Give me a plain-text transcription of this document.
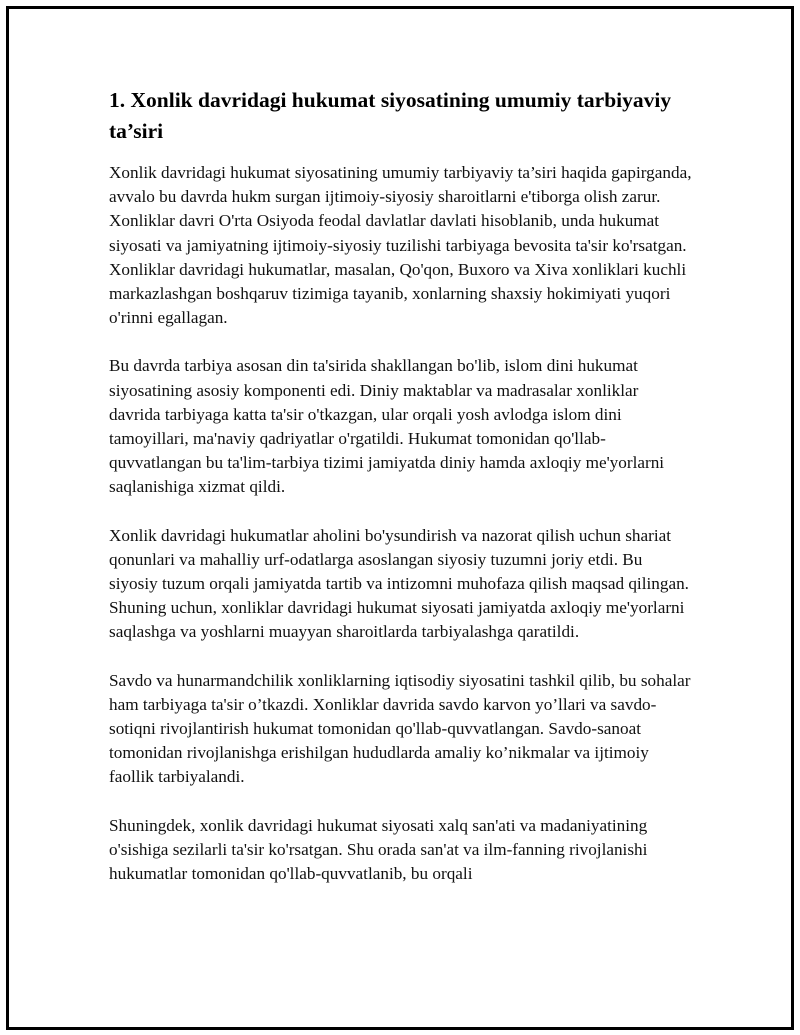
1. Xonlik davridagi hukumat siyosatining umumiy tarbiyaviy ta’siri

Xonlik davridagi hukumat siyosatining umumiy tarbiyaviy ta’siri haqida gapirganda, avvalo bu davrda hukm surgan ijtimoiy-siyosiy sharoitlarni e'tiborga olish zarur. Xonliklar davri O'rta Osiyoda feodal davlatlar davlati hisoblanib, unda hukumat siyosati va jamiyatning ijtimoiy-siyosiy tuzilishi tarbiyaga bevosita ta'sir ko'rsatgan. Xonliklar davridagi hukumatlar, masalan, Qo'qon, Buxoro va Xiva xonliklari kuchli markazlashgan boshqaruv tizimiga tayanib, xonlarning shaxsiy hokimiyati yuqori o'rinni egallagan.

Bu davrda tarbiya asosan din ta'sirida shakllangan bo'lib, islom dini hukumat siyosatining asosiy komponenti edi. Diniy maktablar va madrasalar xonliklar davrida tarbiyaga katta ta'sir o'tkazgan, ular orqali yosh avlodga islom dini tamoyillari, ma'naviy qadriyatlar o'rgatildi. Hukumat tomonidan qo'llab-quvvatlangan bu ta'lim-tarbiya tizimi jamiyatda diniy hamda axloqiy me'yorlarni saqlanishiga xizmat qildi.

Xonlik davridagi hukumatlar aholini bo'ysundirish va nazorat qilish uchun shariat qonunlari va mahalliy urf-odatlarga asoslangan siyosiy tuzumni joriy etdi. Bu siyosiy tuzum orqali jamiyatda tartib va intizomni muhofaza qilish maqsad qilingan. Shuning uchun, xonliklar davridagi hukumat siyosati jamiyatda axloqiy me'yorlarni saqlashga va yoshlarni muayyan sharoitlarda tarbiyalashga qaratildi.

Savdo va hunarmandchilik xonliklarning iqtisodiy siyosatini tashkil qilib, bu sohalar ham tarbiyaga ta'sir o’tkazdi. Xonliklar davrida savdo karvon yo’llari va savdo-sotiqni rivojlantirish hukumat tomonidan qo'llab-quvvatlangan. Savdo-sanoat tomonidan rivojlanishga erishilgan hududlarda amaliy ko’nikmalar va ijtimoiy faollik tarbiyalandi.

Shuningdek, xonlik davridagi hukumat siyosati xalq san'ati va madaniyatining o'sishiga sezilarli ta'sir ko'rsatgan. Shu orada san'at va ilm-fanning rivojlanishi hukumatlar tomonidan qo'llab-quvvatlanib, bu orqali
